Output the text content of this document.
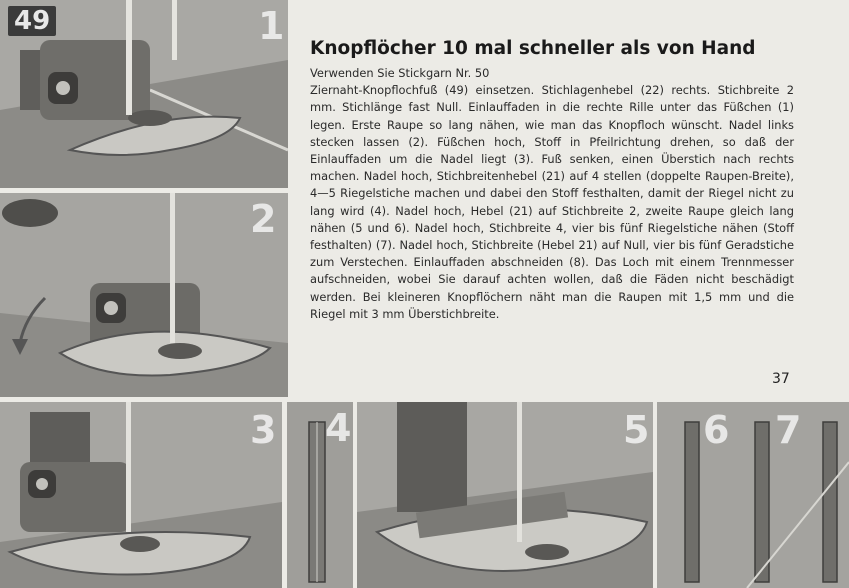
49	1
2
3 4	5 6 7
Knopflöcher 10 mal schneller als von Hand

Verwenden Sie Stickgarn Nr. 50

Ziernaht-Knopflochfuß (49) einsetzen. Stichlagenhebel (22) rechts. Stichbreite 2 mm. Stichlänge fast Null. Einlauffaden in die rechte Rille unter das Füßchen (1) legen. Erste Raupe so lang nähen, wie man das Knopfloch wünscht. Nadel links stecken lassen (2). Füßchen hoch, Stoff in Pfeilrichtung drehen, so daß der Einlauffaden um die Nadel liegt (3). Fuß senken, einen Überstich nach rechts machen. Nadel hoch, Stichbreitenhebel (21) auf 4 stellen (doppelte Raupen-Breite), 4—5 Riegelstiche machen und dabei den Stoff festhalten, damit der Riegel nicht zu lang wird (4). Nadel hoch, Hebel (21) auf Stichbreite 2, zweite Raupe gleich lang nähen (5 und 6). Nadel hoch, Stichbreite 4, vier bis fünf Riegelstiche nähen (Stoff festhalten) (7). Nadel hoch, Stichbreite (Hebel 21) auf Null, vier bis fünf Geradstiche zum Verstechen. Einlauffaden abschneiden (8). Das Loch mit einem Trennmesser aufschneiden, wobei Sie darauf achten wollen, daß die Fäden nicht beschädigt werden. Bei kleineren Knopflöchern näht man die Raupen mit 1,5 mm und die Riegel mit 3 mm Überstichbreite.

37
